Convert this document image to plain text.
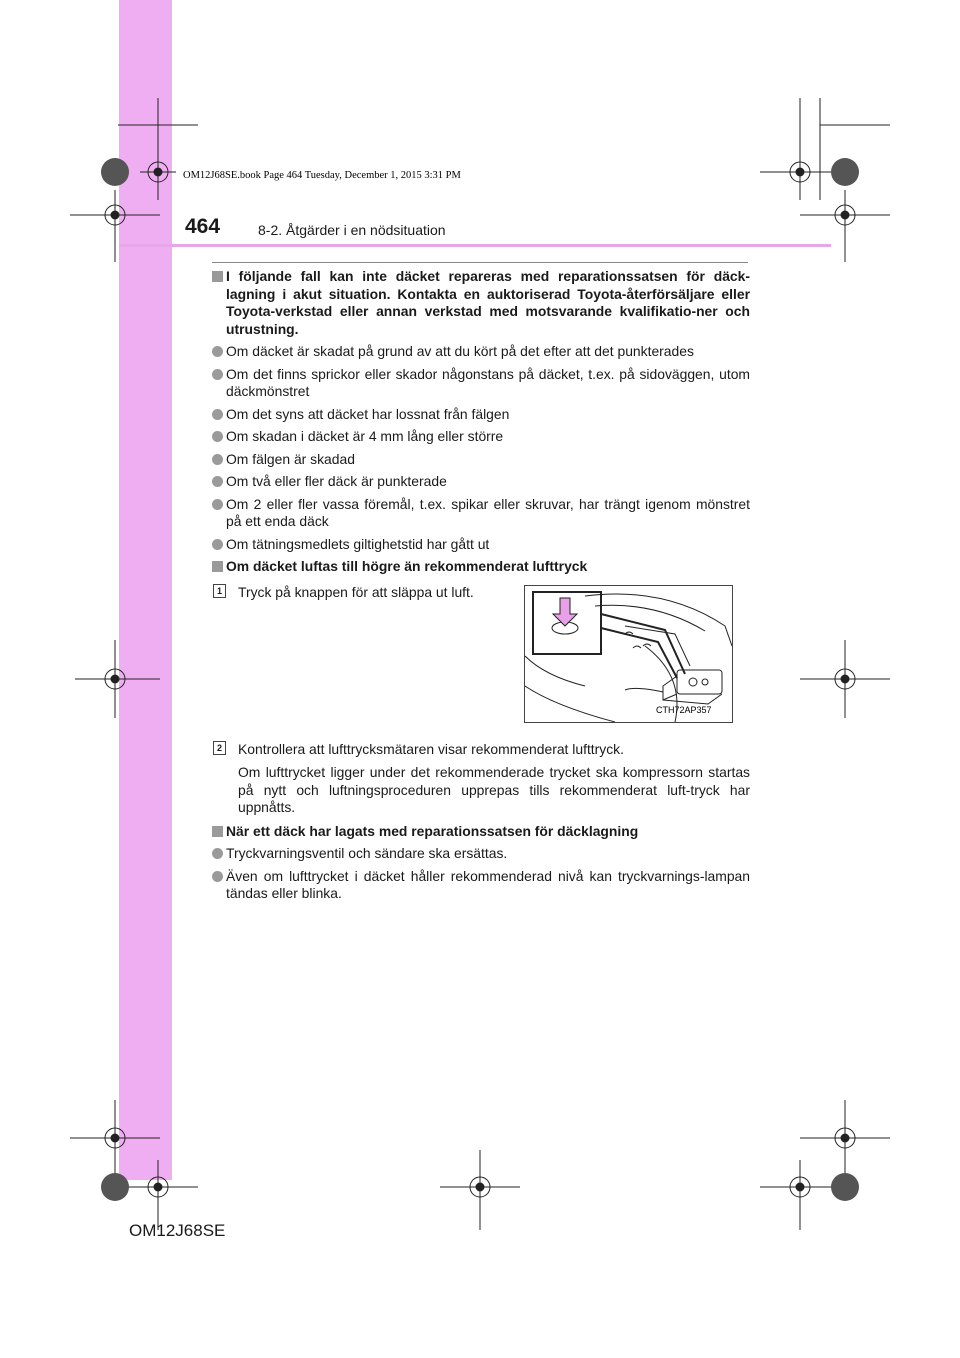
OM12J68SE.book Page 464 Tuesday, December 1, 2015 3:31 PM
464	8-2. Åtgärder i en nödsituation
I följande fall kan inte däcket repareras med reparationssatsen för däck-lagning i akut situation. Kontakta en auktoriserad Toyota-återförsäljare eller Toyota-verkstad eller annan verkstad med motsvarande kvalifikatio-ner och utrustning.
Om däcket är skadat på grund av att du kört på det efter att det punkterades
Om det finns sprickor eller skador någonstans på däcket, t.ex. på sidoväggen, utom däckmönstret
Om det syns att däcket har lossnat från fälgen
Om skadan i däcket är 4 mm lång eller större
Om fälgen är skadad
Om två eller fler däck är punkterade
Om 2 eller fler vassa föremål, t.ex. spikar eller skruvar, har trängt igenom mönstret på ett enda däck
Om tätningsmedlets giltighetstid har gått ut
Om däcket luftas till högre än rekommenderat lufttryck
1 Tryck på knappen för att släppa ut luft.
2 Kontrollera att lufttrycksmätaren visar rekommenderat lufttryck.
Om lufttrycket ligger under det rekommenderade trycket ska kompressorn startas på nytt och luftningsproceduren upprepas tills rekommenderat luft-tryck har uppnåtts.
När ett däck har lagats med reparationssatsen för däcklagning
Tryckvarningsventil och sändare ska ersättas.
Även om lufttrycket i däcket håller rekommenderad nivå kan tryckvarnings-lampan tändas eller blinka.
CTH72AP357
OM12J68SE
